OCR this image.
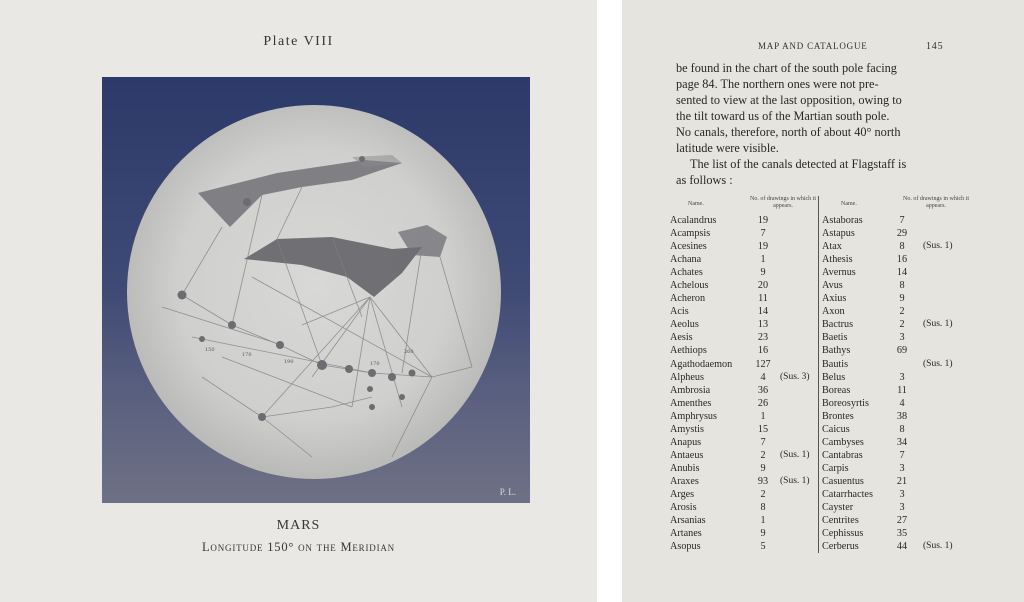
Plate VIII
150
170
190	170
260
P. L.
MARS
Longitude 150° on the Meridian
MAP AND CATALOGUE	145

be found in the chart of the south pole facing
page 84. The northern ones were not pre-
sented to view at the last opposition, owing to
the tilt toward us of the Martian south pole.
No canals, therefore, north of about 40° north
latitude were visible.

The list of the canals detected at Flagstaff is
as follows :

Name.
No. of drawings in which it appears.
Acalandrus	19
Acampsis	7
Acesines	19
Achana	1
Achates	9
Achelous	20
Acheron	11
Acis	14
Aeolus	13
Aesis	23
Aethiops	16
Agathodaemon	127
Alpheus	4	(Sus. 3)
Ambrosia	36
Amenthes	26
Amphrysus	1
Amystis	15
Anapus	7
Antaeus	2	(Sus. 1)
Anubis	9
Araxes	93	(Sus. 1)
Arges	2
Arosis	8
Arsanias	1
Artanes	9
Asopus	5
Name.
No. of drawings in which it appears.
Astaboras	7
Astapus	29
Atax	8	(Sus. 1)
Athesis	16
Avernus	14
Avus	8
Axius	9
Axon	2
Bactrus	2	(Sus. 1)
Baetis	3
Bathys	69
Bautis	(Sus. 1)
Belus	3
Boreas	11
Boreosyrtis	4
Brontes	38
Caicus	8
Cambyses	34
Cantabras	7
Carpis	3
Casuentus	21
Catarrhactes	3
Cayster	3
Centrites	27
Cephissus	35
Cerberus	44	(Sus. 1)
